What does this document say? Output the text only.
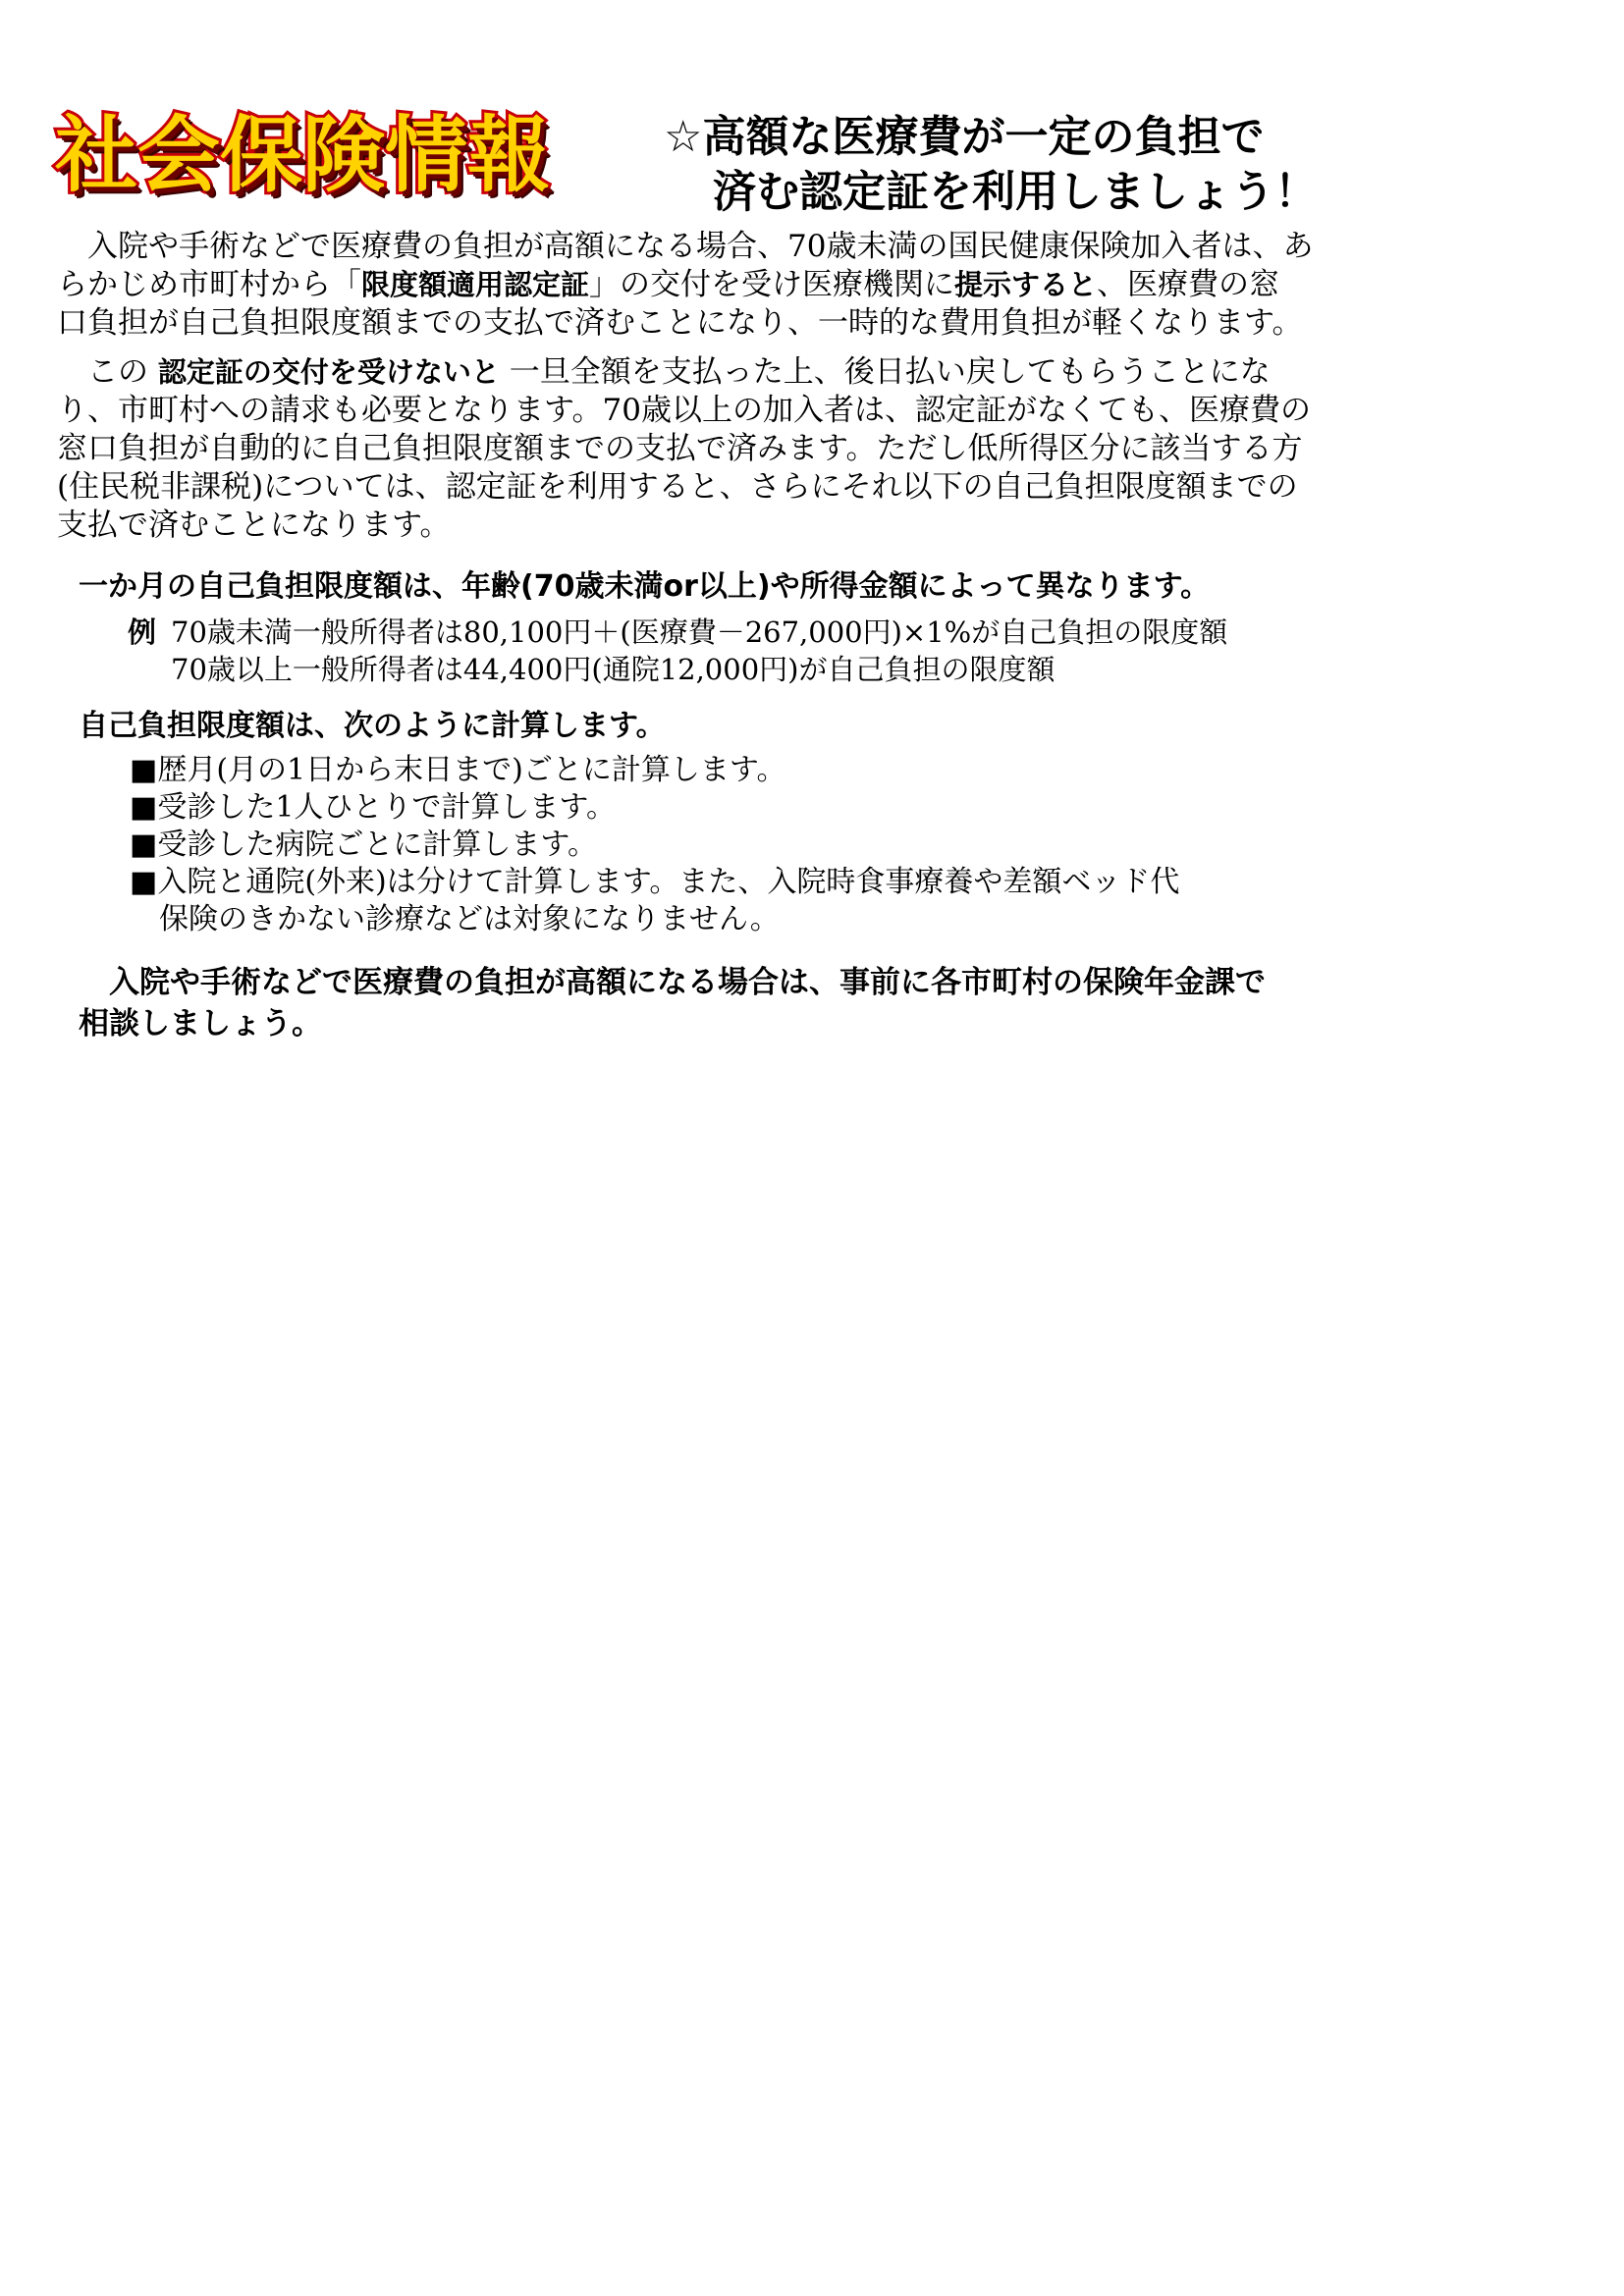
社会保険情報	☆高額な医療費が一定の負担で
済む認定証を利用しましょう！
　入院や手術などで医療費の負担が高額になる場合、70歳未満の国民健康保険加入者は、あ
らかじめ市町村から「限度額適用認定証」の交付を受け医療機関に提示すると、医療費の窓
口負担が自己負担限度額までの支払で済むことになり、一時的な費用負担が軽くなります。
　この 認定証の交付を受けないと 一旦全額を支払った上、後日払い戻してもらうことにな
り、市町村への請求も必要となります。70歳以上の加入者は、認定証がなくても、医療費の
窓口負担が自動的に自己負担限度額までの支払で済みます。ただし低所得区分に該当する方
(住民税非課税)については、認定証を利用すると、さらにそれ以下の自己負担限度額までの
支払で済むことになります。
一か月の自己負担限度額は、年齢(70歳未満or以上)や所得金額によって異なります。
例 70歳未満一般所得者は80,100円＋(医療費－267,000円)×1%が自己負担の限度額
70歳以上一般所得者は44,400円(通院12,000円)が自己負担の限度額
自己負担限度額は、次のように計算します。
■歴月(月の1日から末日まで)ごとに計算します。
■受診した1人ひとりで計算します。
■受診した病院ごとに計算します。
■入院と通院(外来)は分けて計算します。また、入院時食事療養や差額ベッド代
保険のきかない診療などは対象になりません。
　入院や手術などで医療費の負担が高額になる場合は、事前に各市町村の保険年金課で
相談しましょう。
